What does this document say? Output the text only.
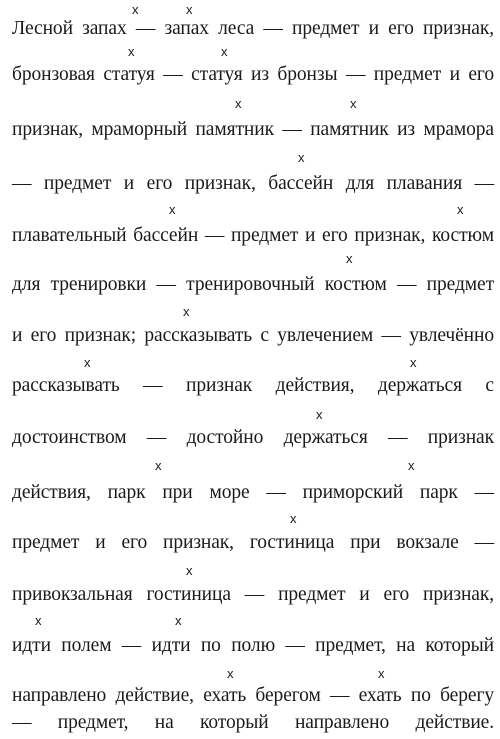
Лесной запах — запах леса — предмет и его признак,
бронзовая статуя — статуя из бронзы — предмет и его
признак, мраморный памятник — памятник из мрамора
— предмет и его признак, бассейн для плавания —
плавательный бассейн — предмет и его признак, костюм
для тренировки — тренировочный костюм — предмет
и его признак; рассказывать с увлечением — увлечённо
рассказывать — признак действия, держаться с
достоинством — достойно держаться — признак
действия, парк при море — приморский парк —
предмет и его признак, гостиница при вокзале —
привокзальная гостиница — предмет и его признак,
идти полем — идти по полю — предмет, на который
направлено действие, ехать берегом — ехать по берегу
— предмет, на который направлено действие.
x	x
x	x
x	x
x
x	x
x
x
x	x
x
x	x
x
x
x	x
x	x
